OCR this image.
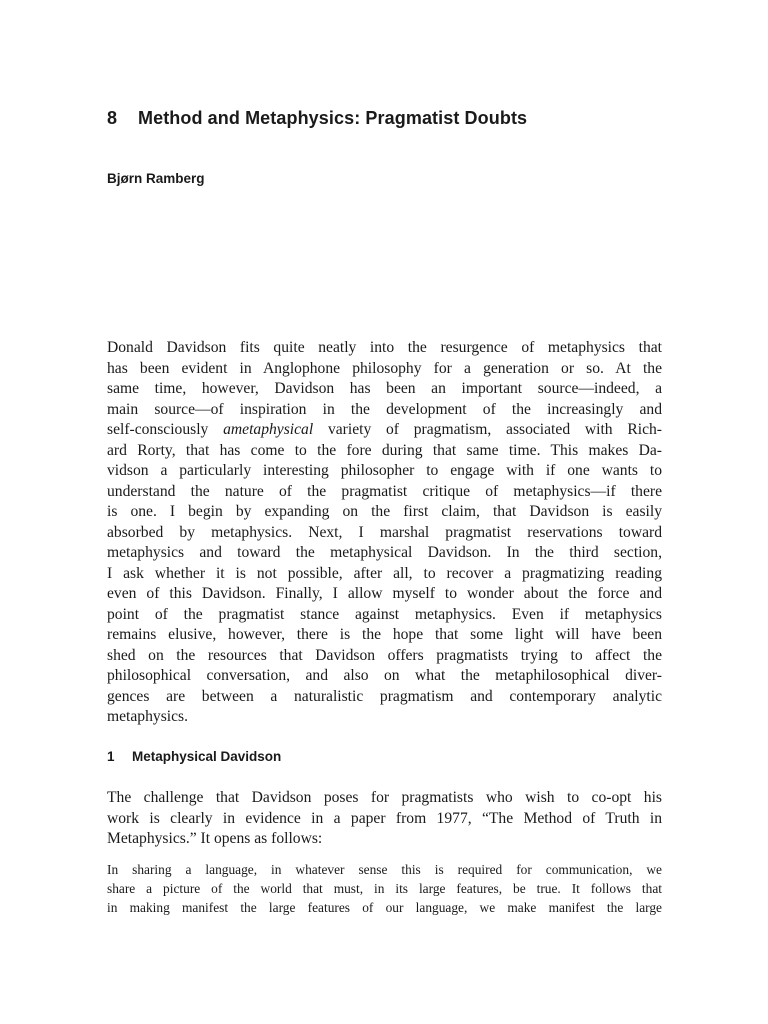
8 Method and Metaphysics: Pragmatist Doubts
Bjørn Ramberg

Donald Davidson fits quite neatly into the resurgence of metaphysics that
has been evident in Anglophone philosophy for a generation or so. At the
same time, however, Davidson has been an important source—indeed, a
main source—of inspiration in the development of the increasingly and
self-consciously ametaphysical variety of pragmatism, associated with Rich-
ard Rorty, that has come to the fore during that same time. This makes Da-
vidson a particularly interesting philosopher to engage with if one wants to
understand the nature of the pragmatist critique of metaphysics—if there
is one. I begin by expanding on the first claim, that Davidson is easily
absorbed by metaphysics. Next, I marshal pragmatist reservations toward
metaphysics and toward the metaphysical Davidson. In the third section,
I ask whether it is not possible, after all, to recover a pragmatizing reading
even of this Davidson. Finally, I allow myself to wonder about the force and
point of the pragmatist stance against metaphysics. Even if metaphysics
remains elusive, however, there is the hope that some light will have been
shed on the resources that Davidson offers pragmatists trying to affect the
philosophical conversation, and also on what the metaphilosophical diver-
gences are between a naturalistic pragmatism and contemporary analytic
metaphysics.

1 Metaphysical Davidson

The challenge that Davidson poses for pragmatists who wish to co-opt his
work is clearly in evidence in a paper from 1977, “The Method of Truth in
Metaphysics.” It opens as follows:

In sharing a language, in whatever sense this is required for communication, we
share a picture of the world that must, in its large features, be true. It follows that
in making manifest the large features of our language, we make manifest the large
